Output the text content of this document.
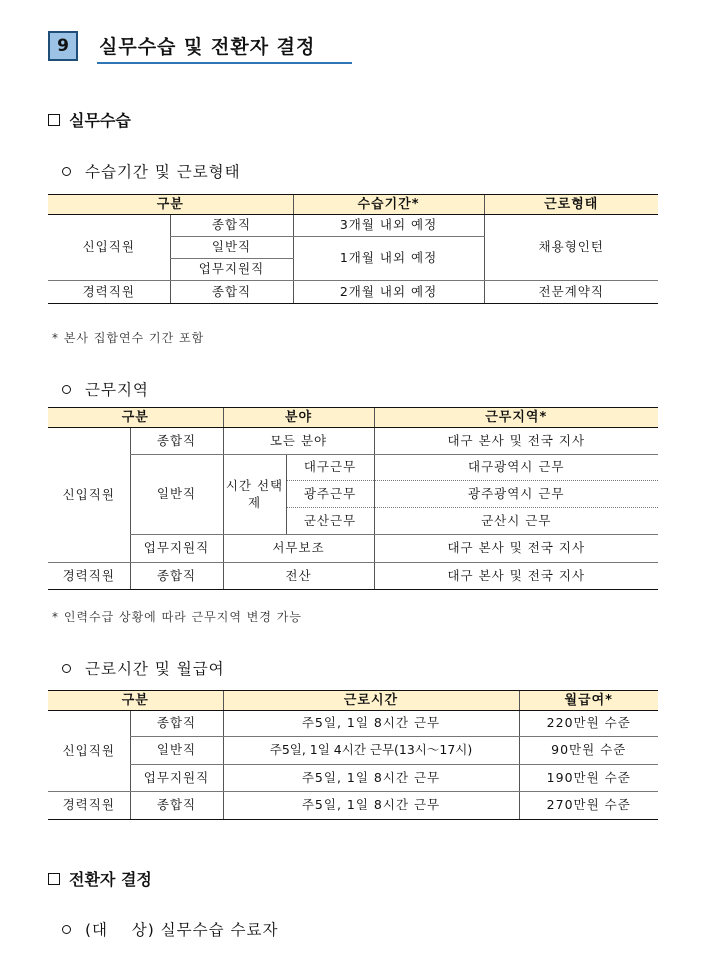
9	실무수습 및 전환자 결정
실무수습
수습기간 및 근로형태
구분		수습기간*	근로형태
신입직원	종합직	3개월 내외 예정	채용형인턴
	일반직	1개월 내외 예정	
	업무지원직		
경력직원	종합직	2개월 내외 예정	전문계약직
* 본사 집합연수 기간 포함
근무지역
구분		분야		근무지역*
신입직원	종합직	모든 분야		대구 본사 및 전국 지사
	일반직	시간 선택제	대구근무	대구광역시 근무
			광주근무	광주광역시 근무
			군산근무	군산시 근무
	업무지원직	서무보조		대구 본사 및 전국 지사
경력직원	종합직	전산		대구 본사 및 전국 지사
* 인력수급 상황에 따라 근무지역 변경 가능
근로시간 및 월급여
구분		근로시간	월급여*
신입직원	종합직	주5일, 1일 8시간 근무	220만원 수준
	일반직	주5일, 1일 4시간 근무(13시～17시)	90만원 수준
	업무지원직	주5일, 1일 8시간 근무	190만원 수준
경력직원	종합직	주5일, 1일 8시간 근무	270만원 수준
전환자 결정
(대    상) 실무수습 수료자
